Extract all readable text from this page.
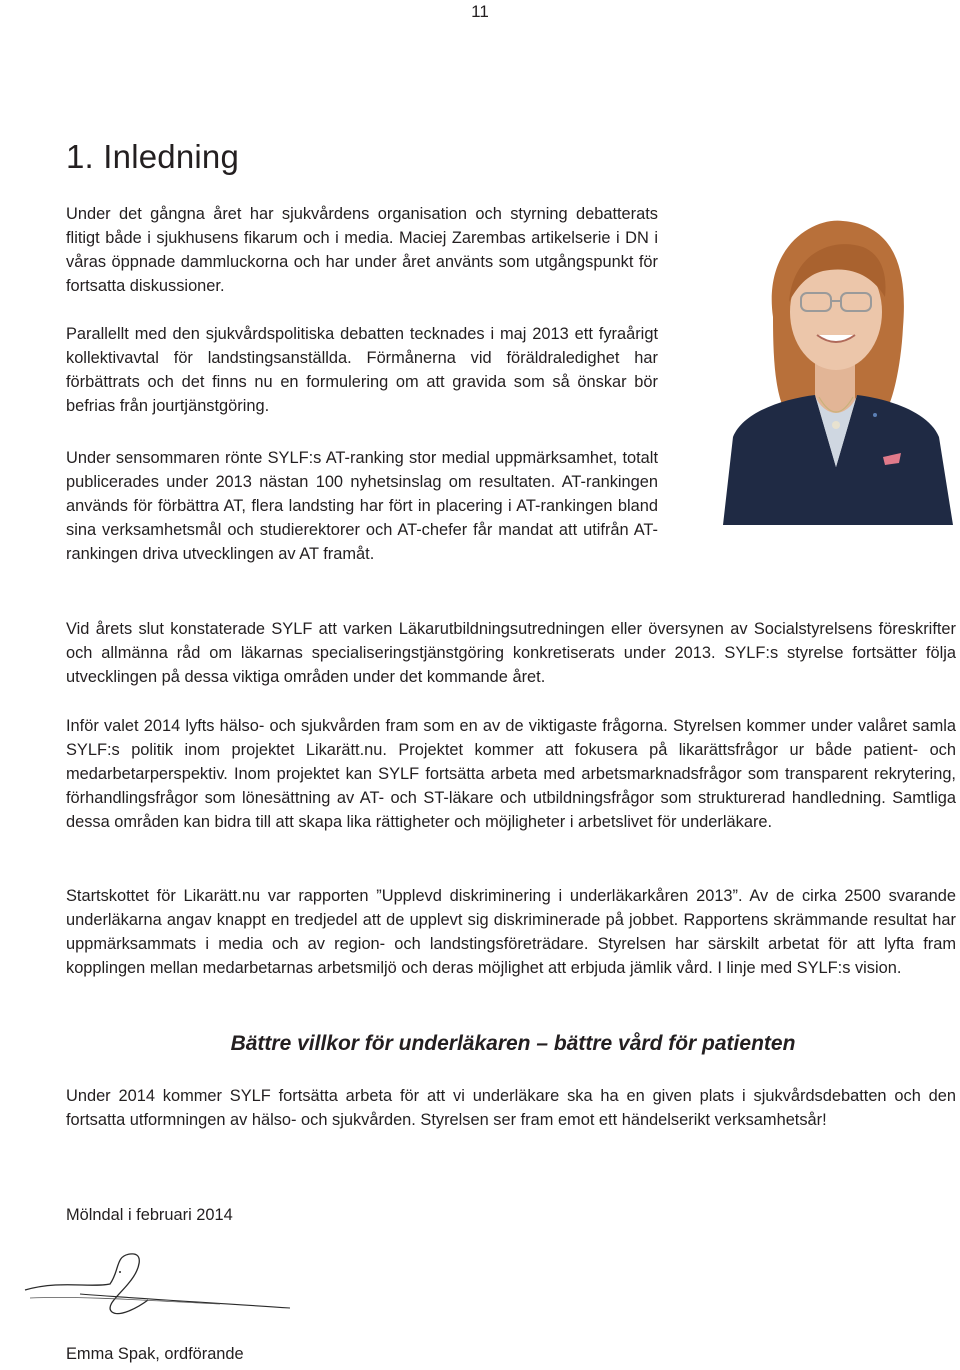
11
1. Inledning

Under det gångna året har sjukvårdens organisation och styrning debatterats flitigt både i sjukhusens fikarum och i media. Maciej Zarembas artikelserie i DN i våras öppnade dammluckorna och har under året använts som utgångspunkt för fortsatta diskussioner.

Parallellt med den sjukvårdspolitiska debatten tecknades i maj 2013 ett fyraårigt kollektivavtal för landstingsanställda. Förmånerna vid föräldraledighet har förbättrats och det finns nu en formulering om att gravida som så önskar bör befrias från jourtjänstgöring.

Under sensommaren rönte SYLF:s AT-ranking stor medial uppmärksamhet, totalt publicerades under 2013 nästan 100 nyhetsinslag om resultaten. AT-rankingen används för förbättra AT, flera landsting har fört in placering i AT-rankingen bland sina verksamhetsmål och studierektorer och AT-chefer får mandat att utifrån AT-rankingen driva utvecklingen av AT framåt.

Vid årets slut konstaterade SYLF att varken Läkarutbildningsutredningen eller översynen av Socialstyrelsens föreskrifter och allmänna råd om läkarnas specialiseringstjänstgöring konkretiserats under 2013. SYLF:s styrelse fortsätter följa utvecklingen på dessa viktiga områden under det kommande året.

Inför valet 2014 lyfts hälso- och sjukvården fram som en av de viktigaste frågorna. Styrelsen kommer under valåret samla SYLF:s politik inom projektet Likarätt.nu. Projektet kommer att fokusera på likarättsfrågor ur både patient- och medarbetarperspektiv. Inom projektet kan SYLF fortsätta arbeta med arbetsmarknadsfrågor som transparent rekrytering, förhandlingsfrågor som lönesättning av AT- och ST-läkare och utbildningsfrågor som strukturerad handledning. Samtliga dessa områden kan bidra till att skapa lika rättigheter och möjligheter i arbetslivet för underläkare.

Startskottet för Likarätt.nu var rapporten ”Upplevd diskriminering i underläkarkåren 2013”. Av de cirka 2500 svarande underläkarna angav knappt en tredjedel att de upplevt sig diskriminerade på jobbet. Rapportens skrämmande resultat har uppmärksammats i media och av region- och landstingsföreträdare. Styrelsen har särskilt arbetat för att lyfta fram kopplingen mellan medarbetarnas arbetsmiljö och deras möjlighet att erbjuda jämlik vård. I linje med SYLF:s vision.

Bättre villkor för underläkaren – bättre vård för patienten

Under 2014 kommer SYLF fortsätta arbeta för att vi underläkare ska ha en given plats i sjukvårdsdebatten och den fortsatta utformningen av hälso- och sjukvården. Styrelsen ser fram emot ett händelserikt verksamhetsår!

Mölndal i februari 2014

Emma Spak, ordförande
